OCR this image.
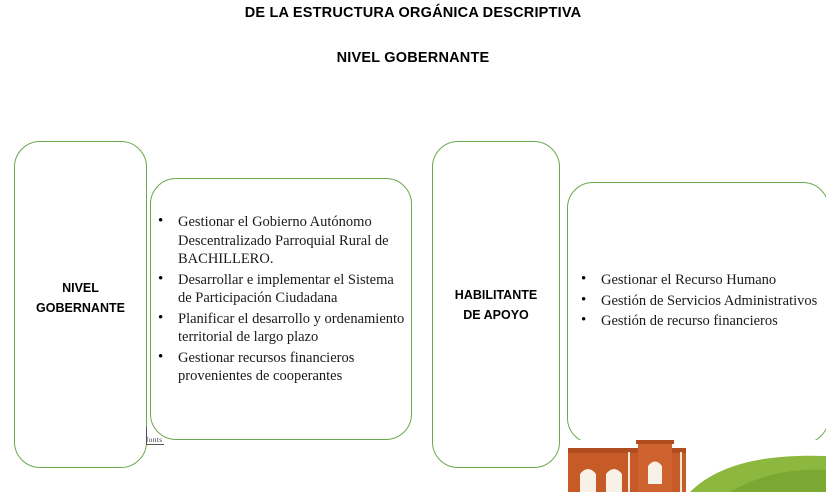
DE LA ESTRUCTURA ORGÁNICA DESCRIPTIVA
NIVEL GOBERNANTE
NIVEL
GOBERNANTE
• Gestionar el Gobierno Autónomo Descentralizado Parroquial Rural de BACHILLERO.
• Desarrollar e implementar el Sistema de Participación Ciudadana
• Planificar el desarrollo y ordenamiento territorial de largo plazo
• Gestionar recursos financieros provenientes de cooperantes
fonts
HABILITANTE
DE APOYO
• Gestionar el Recurso Humano
• Gestión de Servicios Administrativos
• Gestión de recurso financieros
